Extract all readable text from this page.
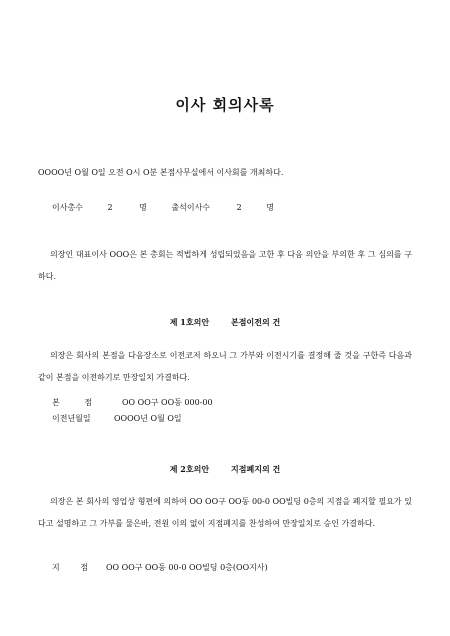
이사 회의사록
OOOO년 O월 O일 오전 O시 O분 본점사무실에서 이사회를 개최하다.
이사총수	2	명	출석이사수	2	명
의장인 대표이사 OOO은 본 총회는 적법하게 성립되었음을 고한 후 다음 의안을 부의한 후 그 심의를 구하다.
제 1호의안	본점이전의 건
의장은 회사의 본점을 다음장소로 이전코저 하오니 그 가부와 이전시기를 결정해 줄 것을 구한즉 다음과 같이 본점을 이전하기로 만장일치 가결하다.
본 점	OO OO구 OO동 000-00
이전년월일	OOOO년 O월 O일
제 2호의안	지점폐지의 건
의장은 본 회사의 영업상 형편에 의하여 OO OO구 OO동 00-0 OO빌딩 0층의 지점을 폐지할 필요가 있다고 설명하고 그 가부를 물은바, 전원 이의 없이 지점폐지를 찬성하여 만장일치로 승인 가결하다.
지 점 OO OO구 OO동 00-0 OO빌딩 0층(OO지사)
